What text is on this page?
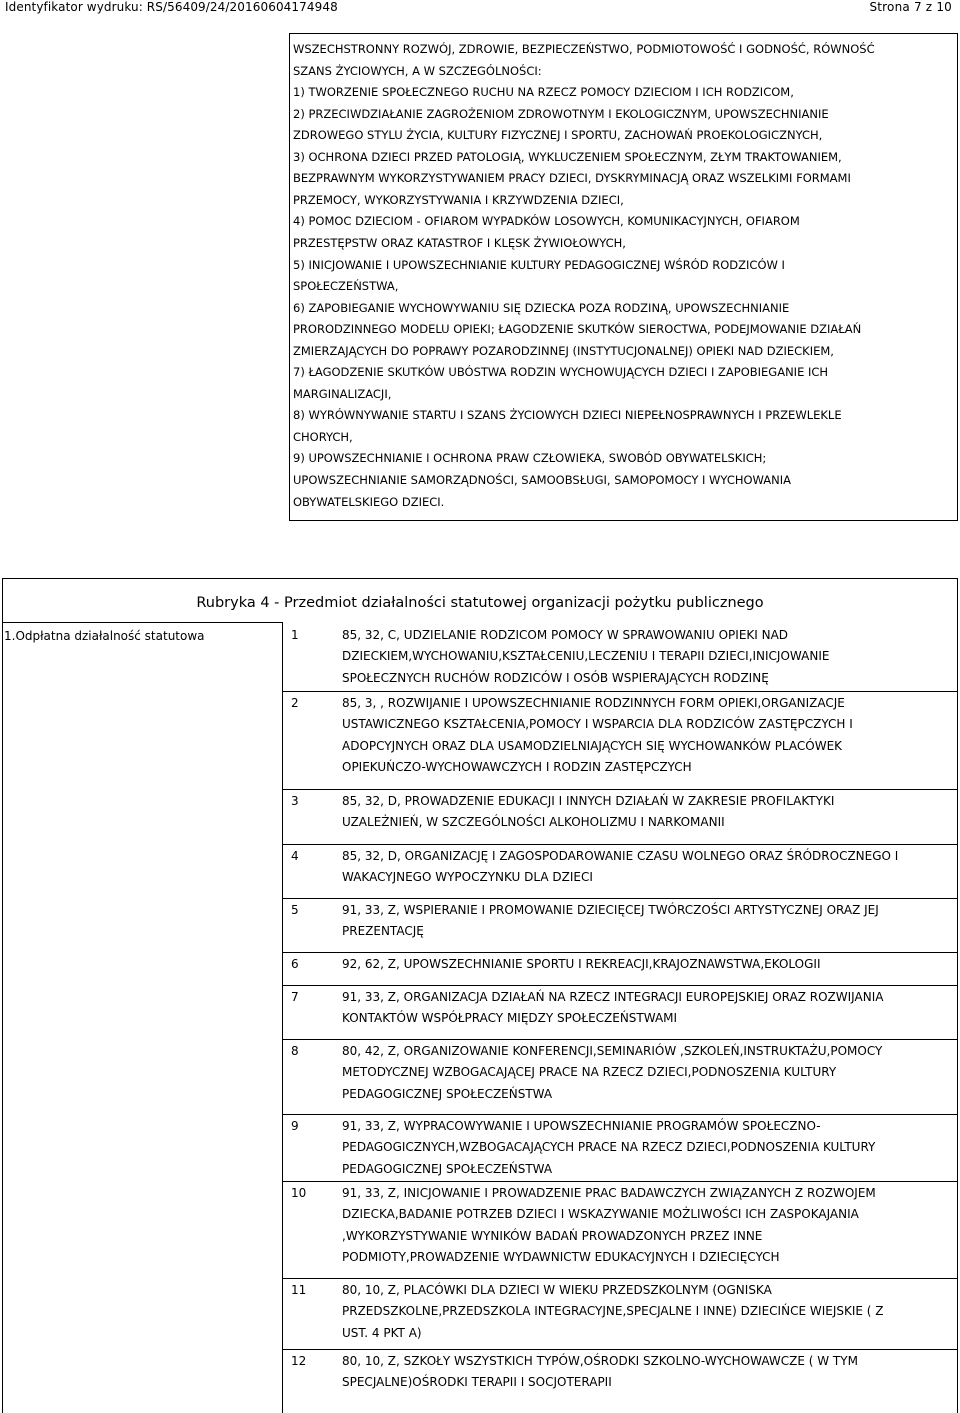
Identyfikator wydruku: RS/56409/24/20160604174948	Strona 7 z 10
WSZECHSTRONNY ROZWÓJ, ZDROWIE, BEZPIECZEŃSTWO, PODMIOTOWOŚĆ I GODNOŚĆ, RÓWNOŚĆ
SZANS ŻYCIOWYCH, A W SZCZEGÓLNOŚCI:
1) TWORZENIE SPOŁECZNEGO RUCHU NA RZECZ POMOCY DZIECIOM I ICH RODZICOM,
2) PRZECIWDZIAŁANIE ZAGROŻENIOM ZDROWOTNYM I EKOLOGICZNYM, UPOWSZECHNIANIE
ZDROWEGO STYLU ŻYCIA, KULTURY FIZYCZNEJ I SPORTU, ZACHOWAŃ PROEKOLOGICZNYCH,
3) OCHRONA DZIECI PRZED PATOLOGIĄ, WYKLUCZENIEM SPOŁECZNYM, ZŁYM TRAKTOWANIEM,
BEZPRAWNYM WYKORZYSTYWANIEM PRACY DZIECI, DYSKRYMINACJĄ ORAZ WSZELKIMI FORMAMI
PRZEMOCY, WYKORZYSTYWANIA I KRZYWDZENIA DZIECI,
4) POMOC DZIECIOM - OFIAROM WYPADKÓW LOSOWYCH, KOMUNIKACYJNYCH, OFIAROM
PRZESTĘPSTW ORAZ KATASTROF I KLĘSK ŻYWIOŁOWYCH,
5) INICJOWANIE I UPOWSZECHNIANIE KULTURY PEDAGOGICZNEJ WŚRÓD RODZICÓW I
SPOŁECZEŃSTWA,
6) ZAPOBIEGANIE WYCHOWYWANIU SIĘ DZIECKA POZA RODZINĄ, UPOWSZECHNIANIE
PRORODZINNEGO MODELU OPIEKI; ŁAGODZENIE SKUTKÓW SIEROCTWA, PODEJMOWANIE DZIAŁAŃ
ZMIERZAJĄCYCH DO POPRAWY POZARODZINNEJ (INSTYTUCJONALNEJ) OPIEKI NAD DZIECKIEM,
7) ŁAGODZENIE SKUTKÓW UBÓSTWA RODZIN WYCHOWUJĄCYCH DZIECI I ZAPOBIEGANIE ICH
MARGINALIZACJI,
8) WYRÓWNYWANIE STARTU I SZANS ŻYCIOWYCH DZIECI NIEPEŁNOSPRAWNYCH I PRZEWLEKLE
CHORYCH,
9) UPOWSZECHNIANIE I OCHRONA PRAW CZŁOWIEKA, SWOBÓD OBYWATELSKICH;
UPOWSZECHNIANIE SAMORZĄDNOŚCI, SAMOOBSŁUGI, SAMOPOMOCY I WYCHOWANIA
OBYWATELSKIEGO DZIECI.
Rubryka 4 - Przedmiot działalności statutowej organizacji pożytku publicznego
1.Odpłatna działalność statutowa	1	85, 32, C, UDZIELANIE RODZICOM POMOCY W SPRAWOWANIU OPIEKI NAD
DZIECKIEM,WYCHOWANIU,KSZTAŁCENIU,LECZENIU I TERAPII DZIECI,INICJOWANIE
SPOŁECZNYCH RUCHÓW RODZICÓW I OSÓB WSPIERAJĄCYCH RODZINĘ
2	85, 3, , ROZWIJANIE I UPOWSZECHNIANIE RODZINNYCH FORM OPIEKI,ORGANIZACJE
USTAWICZNEGO KSZTAŁCENIA,POMOCY I WSPARCIA DLA RODZICÓW ZASTĘPCZYCH I
ADOPCYJNYCH ORAZ DLA USAMODZIELNIAJĄCYCH SIĘ WYCHOWANKÓW PLACÓWEK
OPIEKUŃCZO-WYCHOWAWCZYCH I RODZIN ZASTĘPCZYCH
3	85, 32, D, PROWADZENIE EDUKACJI I INNYCH DZIAŁAŃ W ZAKRESIE PROFILAKTYKI
UZALEŻNIEŃ, W SZCZEGÓLNOŚCI ALKOHOLIZMU I NARKOMANII
4	85, 32, D, ORGANIZACJĘ I ZAGOSPODAROWANIE CZASU WOLNEGO ORAZ ŚRÓDROCZNEGO I
WAKACYJNEGO WYPOCZYNKU DLA DZIECI
5	91, 33, Z, WSPIERANIE I PROMOWANIE DZIECIĘCEJ TWÓRCZOŚCI ARTYSTYCZNEJ ORAZ JEJ
PREZENTACJĘ
6	92, 62, Z, UPOWSZECHNIANIE SPORTU I REKREACJI,KRAJOZNAWSTWA,EKOLOGII
7	91, 33, Z, ORGANIZACJA DZIAŁAŃ NA RZECZ INTEGRACJI EUROPEJSKIEJ ORAZ ROZWIJANIA
KONTAKTÓW WSPÓŁPRACY MIĘDZY SPOŁECZEŃSTWAMI
8	80, 42, Z, ORGANIZOWANIE KONFERENCJI,SEMINARIÓW ,SZKOLEŃ,INSTRUKTAŻU,POMOCY
METODYCZNEJ WZBOGACAJĄCEJ PRACE NA RZECZ DZIECI,PODNOSZENIA KULTURY
PEDAGOGICZNEJ SPOŁECZEŃSTWA
9	91, 33, Z, WYPRACOWYWANIE I UPOWSZECHNIANIE PROGRAMÓW SPOŁECZNO-
PEDAGOGICZNYCH,WZBOGACAJĄCYCH PRACE NA RZECZ DZIECI,PODNOSZENIA KULTURY
PEDAGOGICZNEJ SPOŁECZEŃSTWA
10	91, 33, Z, INICJOWANIE I PROWADZENIE PRAC BADAWCZYCH ZWIĄZANYCH Z ROZWOJEM
DZIECKA,BADANIE POTRZEB DZIECI I WSKAZYWANIE MOŻLIWOŚCI ICH ZASPOKAJANIA
,WYKORZYSTYWANIE WYNIKÓW BADAŃ PROWADZONYCH PRZEZ INNE
PODMIOTY,PROWADZENIE WYDAWNICTW EDUKACYJNYCH I DZIECIĘCYCH
11	80, 10, Z, PLACÓWKI DLA DZIECI W WIEKU PRZEDSZKOLNYM (OGNISKA
PRZEDSZKOLNE,PRZEDSZKOLA INTEGRACYJNE,SPECJALNE I INNE) DZIECIŃCE WIEJSKIE ( Z
UST. 4 PKT A)
12	80, 10, Z, SZKOŁY WSZYSTKICH TYPÓW,OŚRODKI SZKOLNO-WYCHOWAWCZE ( W TYM
SPECJALNE)OŚRODKI TERAPII I SOCJOTERAPII
